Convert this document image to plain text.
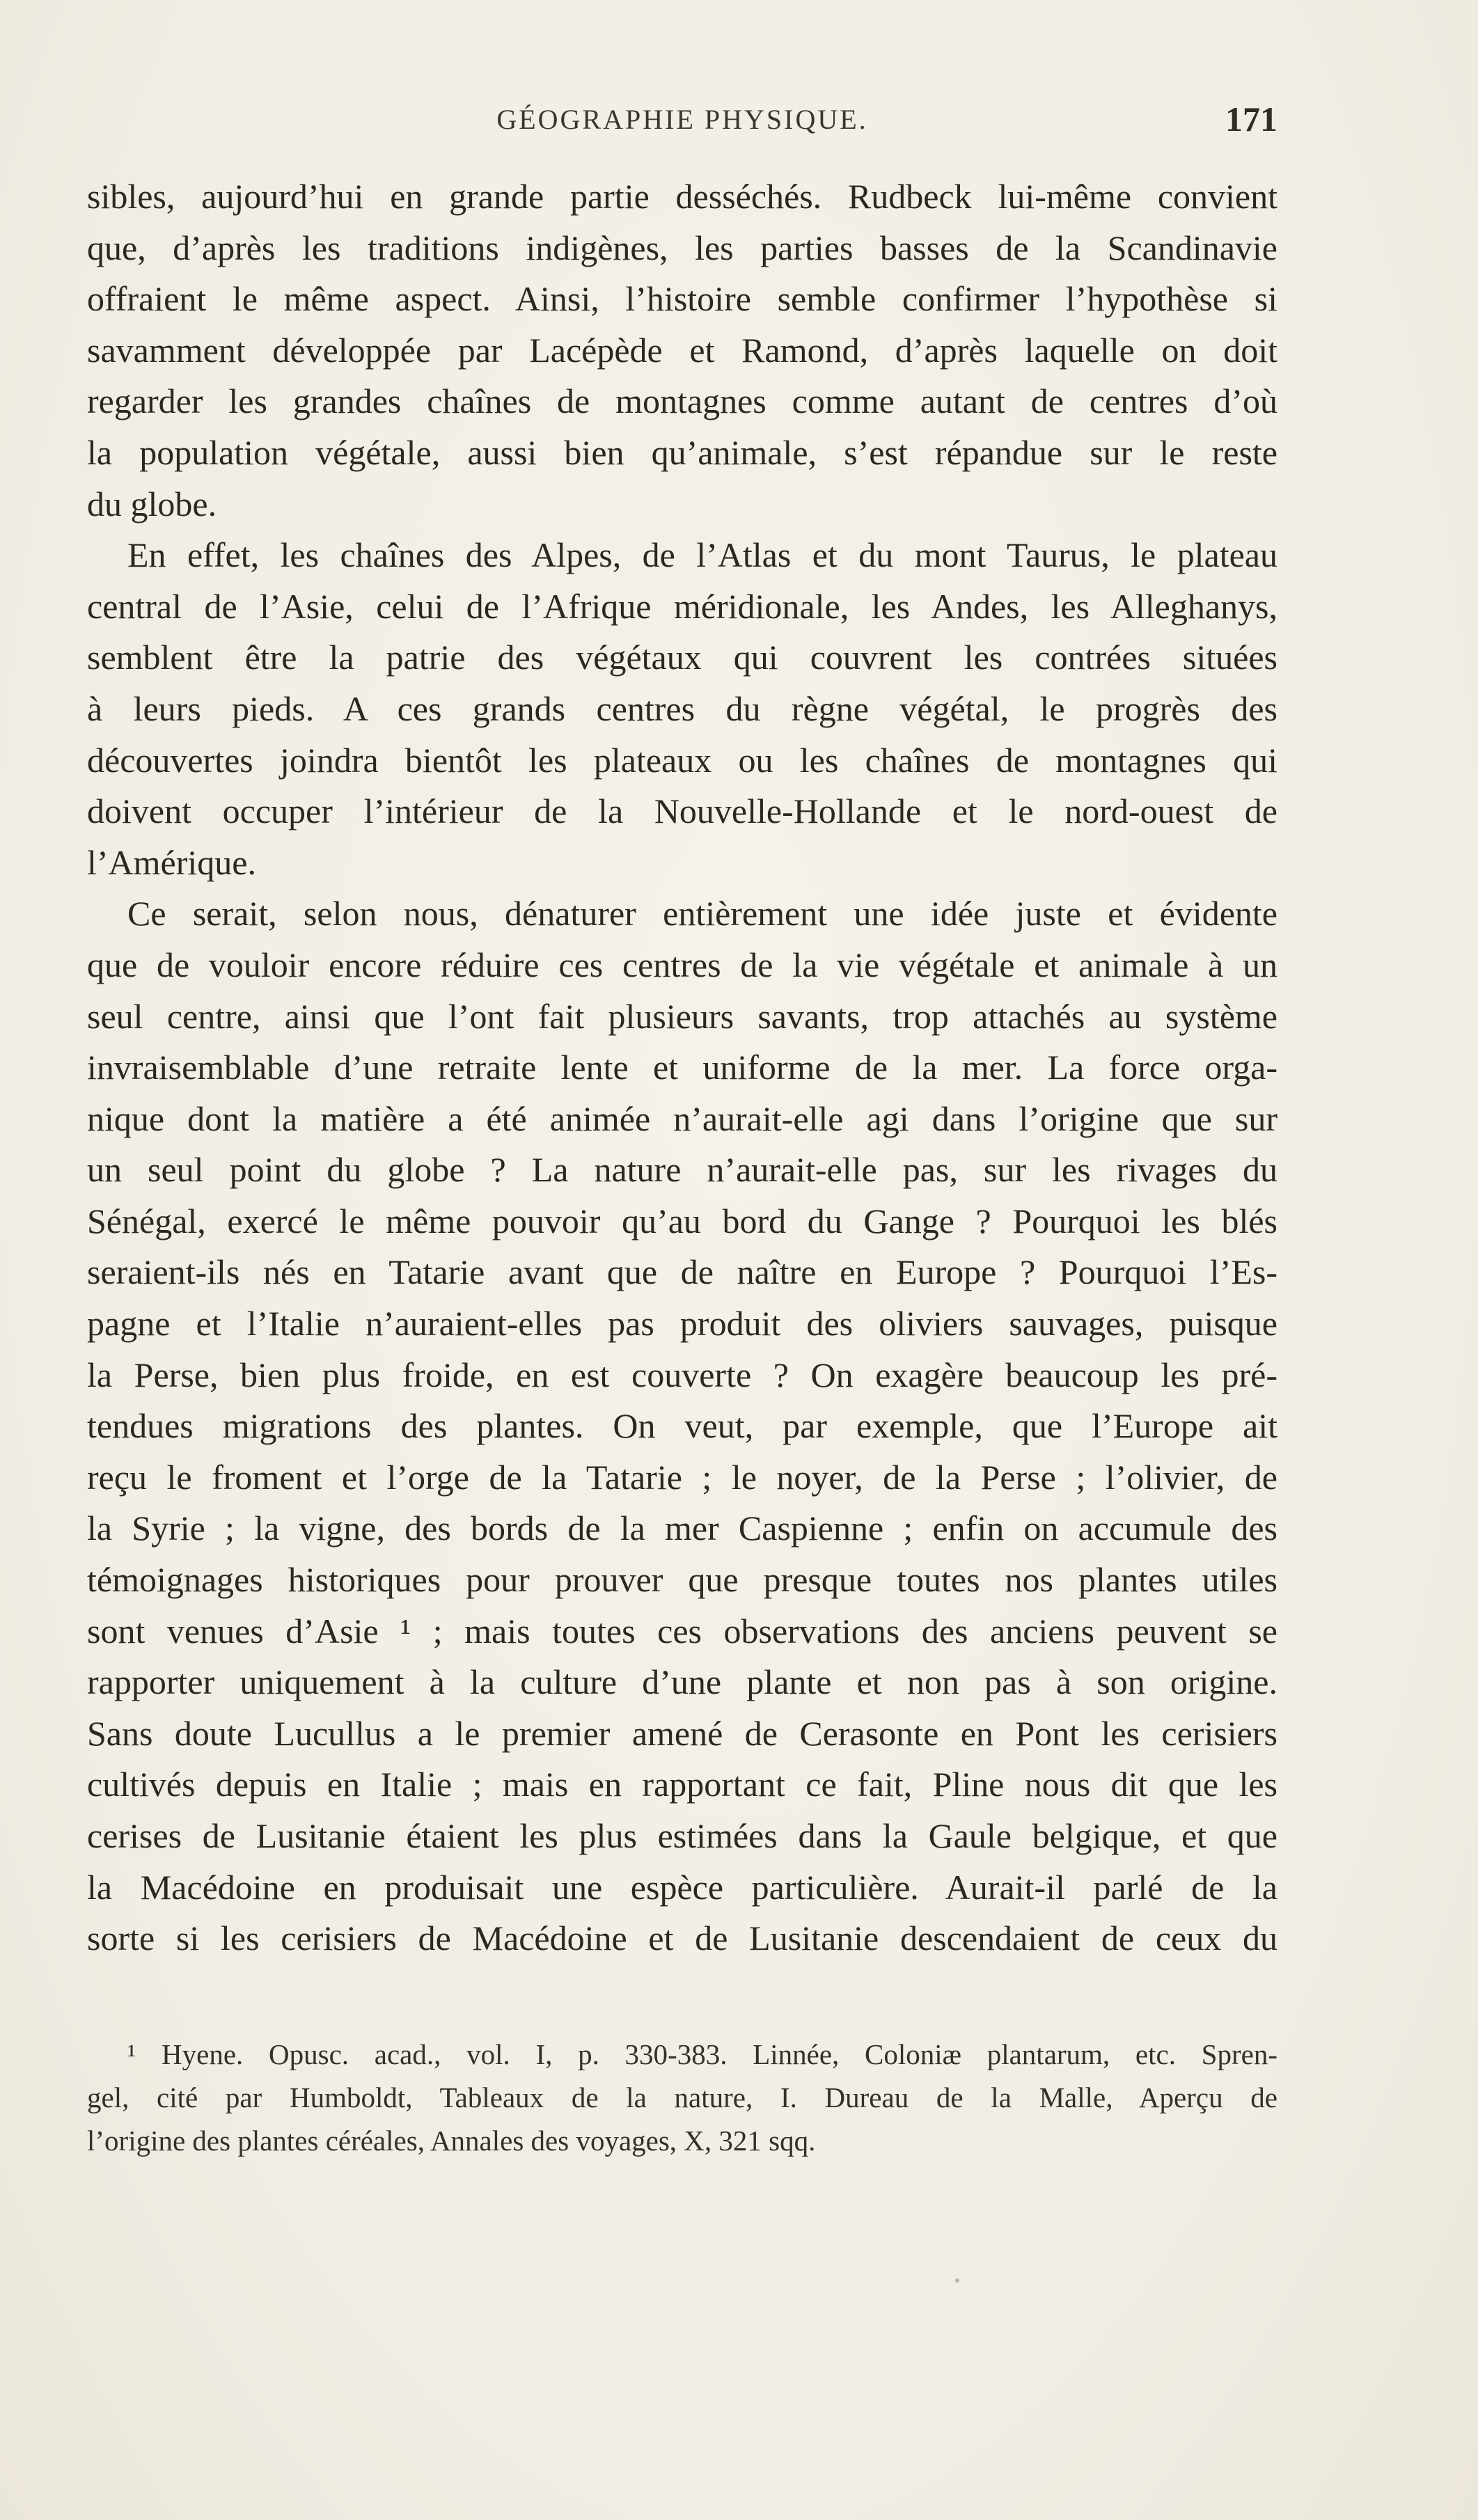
GÉOGRAPHIE PHYSIQUE.	171
sibles, aujourd’hui en grande partie desséchés. Rudbeck lui-même convient
que, d’après les traditions indigènes, les parties basses de la Scandinavie
offraient le même aspect. Ainsi, l’histoire semble confirmer l’hypothèse si
savamment développée par Lacépède et Ramond, d’après laquelle on doit
regarder les grandes chaînes de montagnes comme autant de centres d’où
la population végétale, aussi bien qu’animale, s’est répandue sur le reste
du globe.
En effet, les chaînes des Alpes, de l’Atlas et du mont Taurus, le plateau
central de l’Asie, celui de l’Afrique méridionale, les Andes, les Alleghanys,
semblent être la patrie des végétaux qui couvrent les contrées situées
à leurs pieds. A ces grands centres du règne végétal, le progrès des
découvertes joindra bientôt les plateaux ou les chaînes de montagnes qui
doivent occuper l’intérieur de la Nouvelle-Hollande et le nord-ouest de
l’Amérique.
Ce serait, selon nous, dénaturer entièrement une idée juste et évidente
que de vouloir encore réduire ces centres de la vie végétale et animale à un
seul centre, ainsi que l’ont fait plusieurs savants, trop attachés au système
invraisemblable d’une retraite lente et uniforme de la mer. La force orga-
nique dont la matière a été animée n’aurait-elle agi dans l’origine que sur
un seul point du globe ? La nature n’aurait-elle pas, sur les rivages du
Sénégal, exercé le même pouvoir qu’au bord du Gange ? Pourquoi les blés
seraient-ils nés en Tatarie avant que de naître en Europe ? Pourquoi l’Es-
pagne et l’Italie n’auraient-elles pas produit des oliviers sauvages, puisque
la Perse, bien plus froide, en est couverte ? On exagère beaucoup les pré-
tendues migrations des plantes. On veut, par exemple, que l’Europe ait
reçu le froment et l’orge de la Tatarie ; le noyer, de la Perse ; l’olivier, de
la Syrie ; la vigne, des bords de la mer Caspienne ; enfin on accumule des
témoignages historiques pour prouver que presque toutes nos plantes utiles
sont venues d’Asie ¹ ; mais toutes ces observations des anciens peuvent se
rapporter uniquement à la culture d’une plante et non pas à son origine.
Sans doute Lucullus a le premier amené de Cerasonte en Pont les cerisiers
cultivés depuis en Italie ; mais en rapportant ce fait, Pline nous dit que les
cerises de Lusitanie étaient les plus estimées dans la Gaule belgique, et que
la Macédoine en produisait une espèce particulière. Aurait-il parlé de la
sorte si les cerisiers de Macédoine et de Lusitanie descendaient de ceux du
¹ Hyene. Opusc. acad., vol. I, p. 330-383. Linnée, Coloniæ plantarum, etc. Spren-
gel, cité par Humboldt, Tableaux de la nature, I. Dureau de la Malle, Aperçu de
l’origine des plantes céréales, Annales des voyages, X, 321 sqq.
